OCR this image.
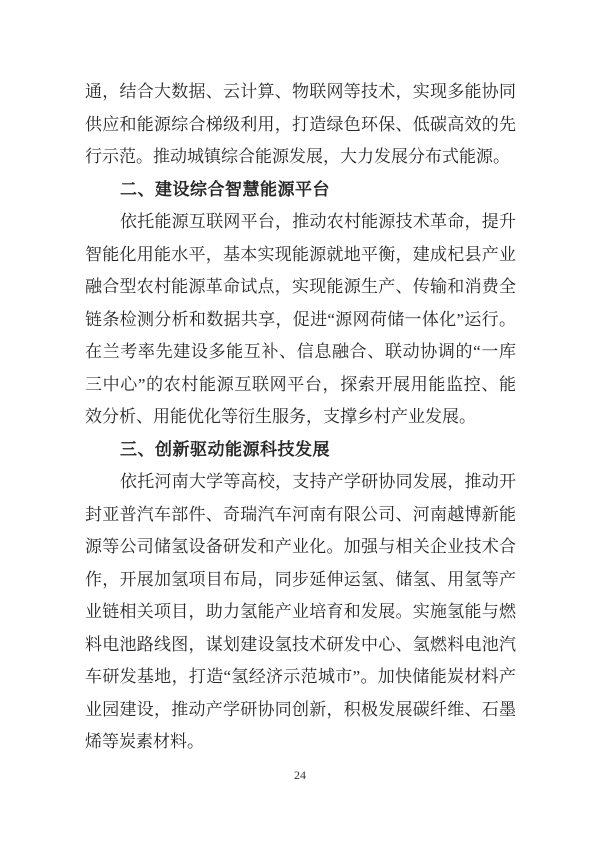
通，结合大数据、云计算、物联网等技术，实现多能协同
供应和能源综合梯级利用，打造绿色环保、低碳高效的先
行示范。推动城镇综合能源发展，大力发展分布式能源。
二、建设综合智慧能源平台
依托能源互联网平台，推动农村能源技术革命，提升
智能化用能水平，基本实现能源就地平衡，建成杞县产业
融合型农村能源革命试点，实现能源生产、传输和消费全
链条检测分析和数据共享，促进“源网荷储一体化”运行。
在兰考率先建设多能互补、信息融合、联动协调的“一库
三中心”的农村能源互联网平台，探索开展用能监控、能
效分析、用能优化等衍生服务，支撑乡村产业发展。
三、创新驱动能源科技发展
依托河南大学等高校，支持产学研协同发展，推动开
封亚普汽车部件、奇瑞汽车河南有限公司、河南越博新能
源等公司储氢设备研发和产业化。加强与相关企业技术合
作，开展加氢项目布局，同步延伸运氢、储氢、用氢等产
业链相关项目，助力氢能产业培育和发展。实施氢能与燃
料电池路线图，谋划建设氢技术研发中心、氢燃料电池汽
车研发基地，打造“氢经济示范城市”。加快储能炭材料产
业园建设，推动产学研协同创新，积极发展碳纤维、石墨
烯等炭素材料。
24
